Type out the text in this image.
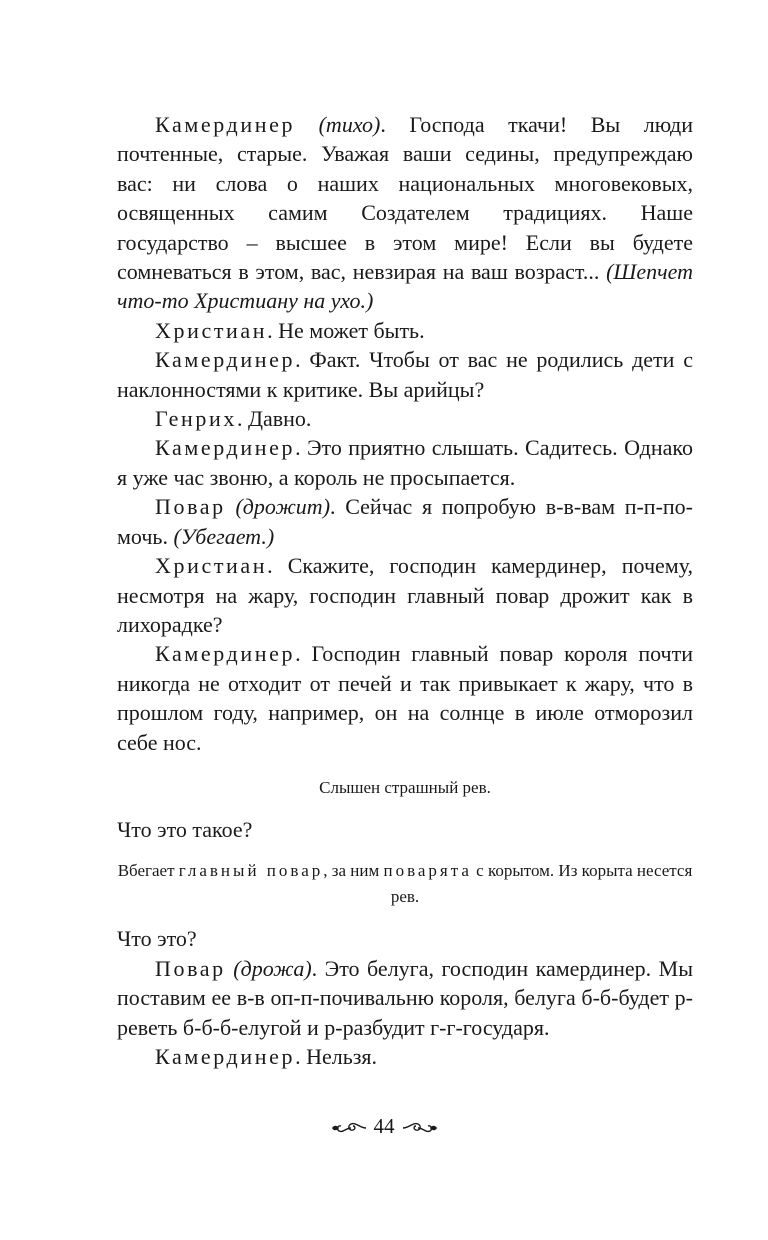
Камердинер (тихо). Господа ткачи! Вы люди почтенные, старые. Уважая ваши седины, предупреждаю вас: ни слова о наших национальных многовековых, освященных самим Создателем традициях. Наше государство – высшее в этом мире! Если вы будете сомневаться в этом, вас, невзирая на ваш возраст... (Шепчет что-то Христиану на ухо.)

Христиан. Не может быть.

Камердинер. Факт. Чтобы от вас не родились дети с наклонностями к критике. Вы арийцы?

Генрих. Давно.

Камердинер. Это приятно слышать. Садитесь. Однако я уже час звоню, а король не просыпается.

Повар (дрожит). Сейчас я попробую в-в-вам п-п-по-мочь. (Убегает.)

Христиан. Скажите, господин камердинер, почему, несмотря на жару, господин главный повар дрожит как в лихорадке?

Камердинер. Господин главный повар короля почти никогда не отходит от печей и так привыкает к жару, что в прошлом году, например, он на солнце в июле отморозил себе нос.

Слышен страшный рев.

Что это такое?

Вбегает главный повар, за ним поварята с корытом. Из корыта несется рев.

Что это?

Повар (дрожа). Это белуга, господин камердинер. Мы поставим ее в-в оп-п-почивальню короля, белуга б-б-будет р-реветь б-б-б-елугой и р-разбудит г-г-государя.

Камердинер. Нельзя.

44
